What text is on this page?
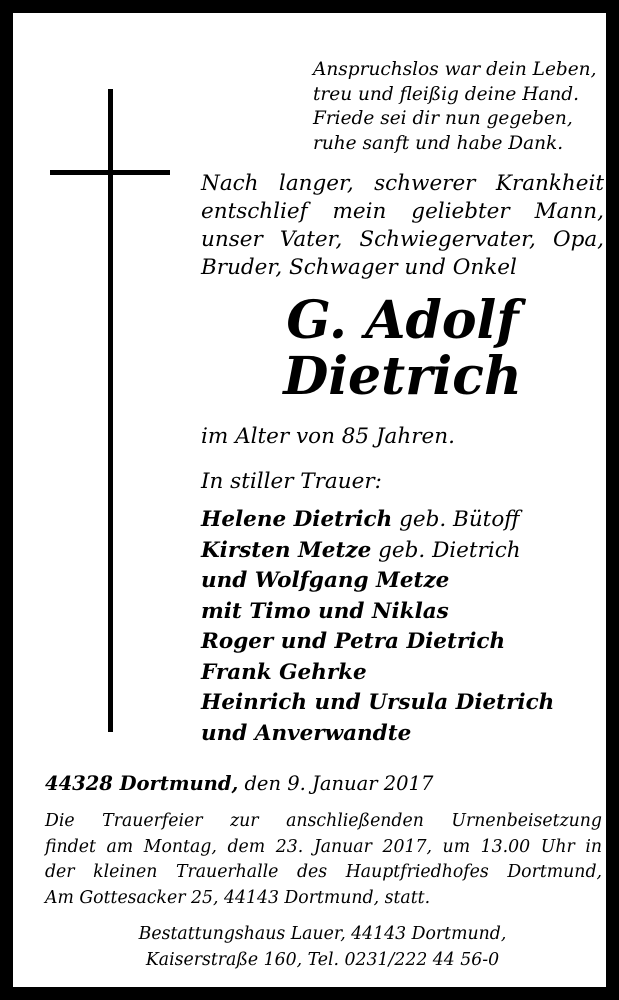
Anspruchslos war dein Leben,
treu und fleißig deine Hand.
Friede sei dir nun gegeben,
ruhe sanft und habe Dank.
Nach langer, schwerer Krankheit
entschlief mein geliebter Mann,
unser Vater, Schwiegervater, Opa,
Bruder, Schwager und Onkel
G. Adolf
Dietrich
im Alter von 85 Jahren.
In stiller Trauer:
Helene Dietrich geb. Bütoff
Kirsten Metze geb. Dietrich
und Wolfgang Metze
mit Timo und Niklas
Roger und Petra Dietrich
Frank Gehrke
Heinrich und Ursula Dietrich
und Anverwandte
44328 Dortmund, den 9. Januar 2017
Die Trauerfeier zur anschließenden Urnenbeisetzung
findet am Montag, dem 23. Januar 2017, um 13.00 Uhr in
der kleinen Trauerhalle des Hauptfriedhofes Dortmund,
Am Gottesacker 25, 44143 Dortmund, statt.
Bestattungshaus Lauer, 44143 Dortmund,
Kaiserstraße 160, Tel. 0231/222 44 56-0
